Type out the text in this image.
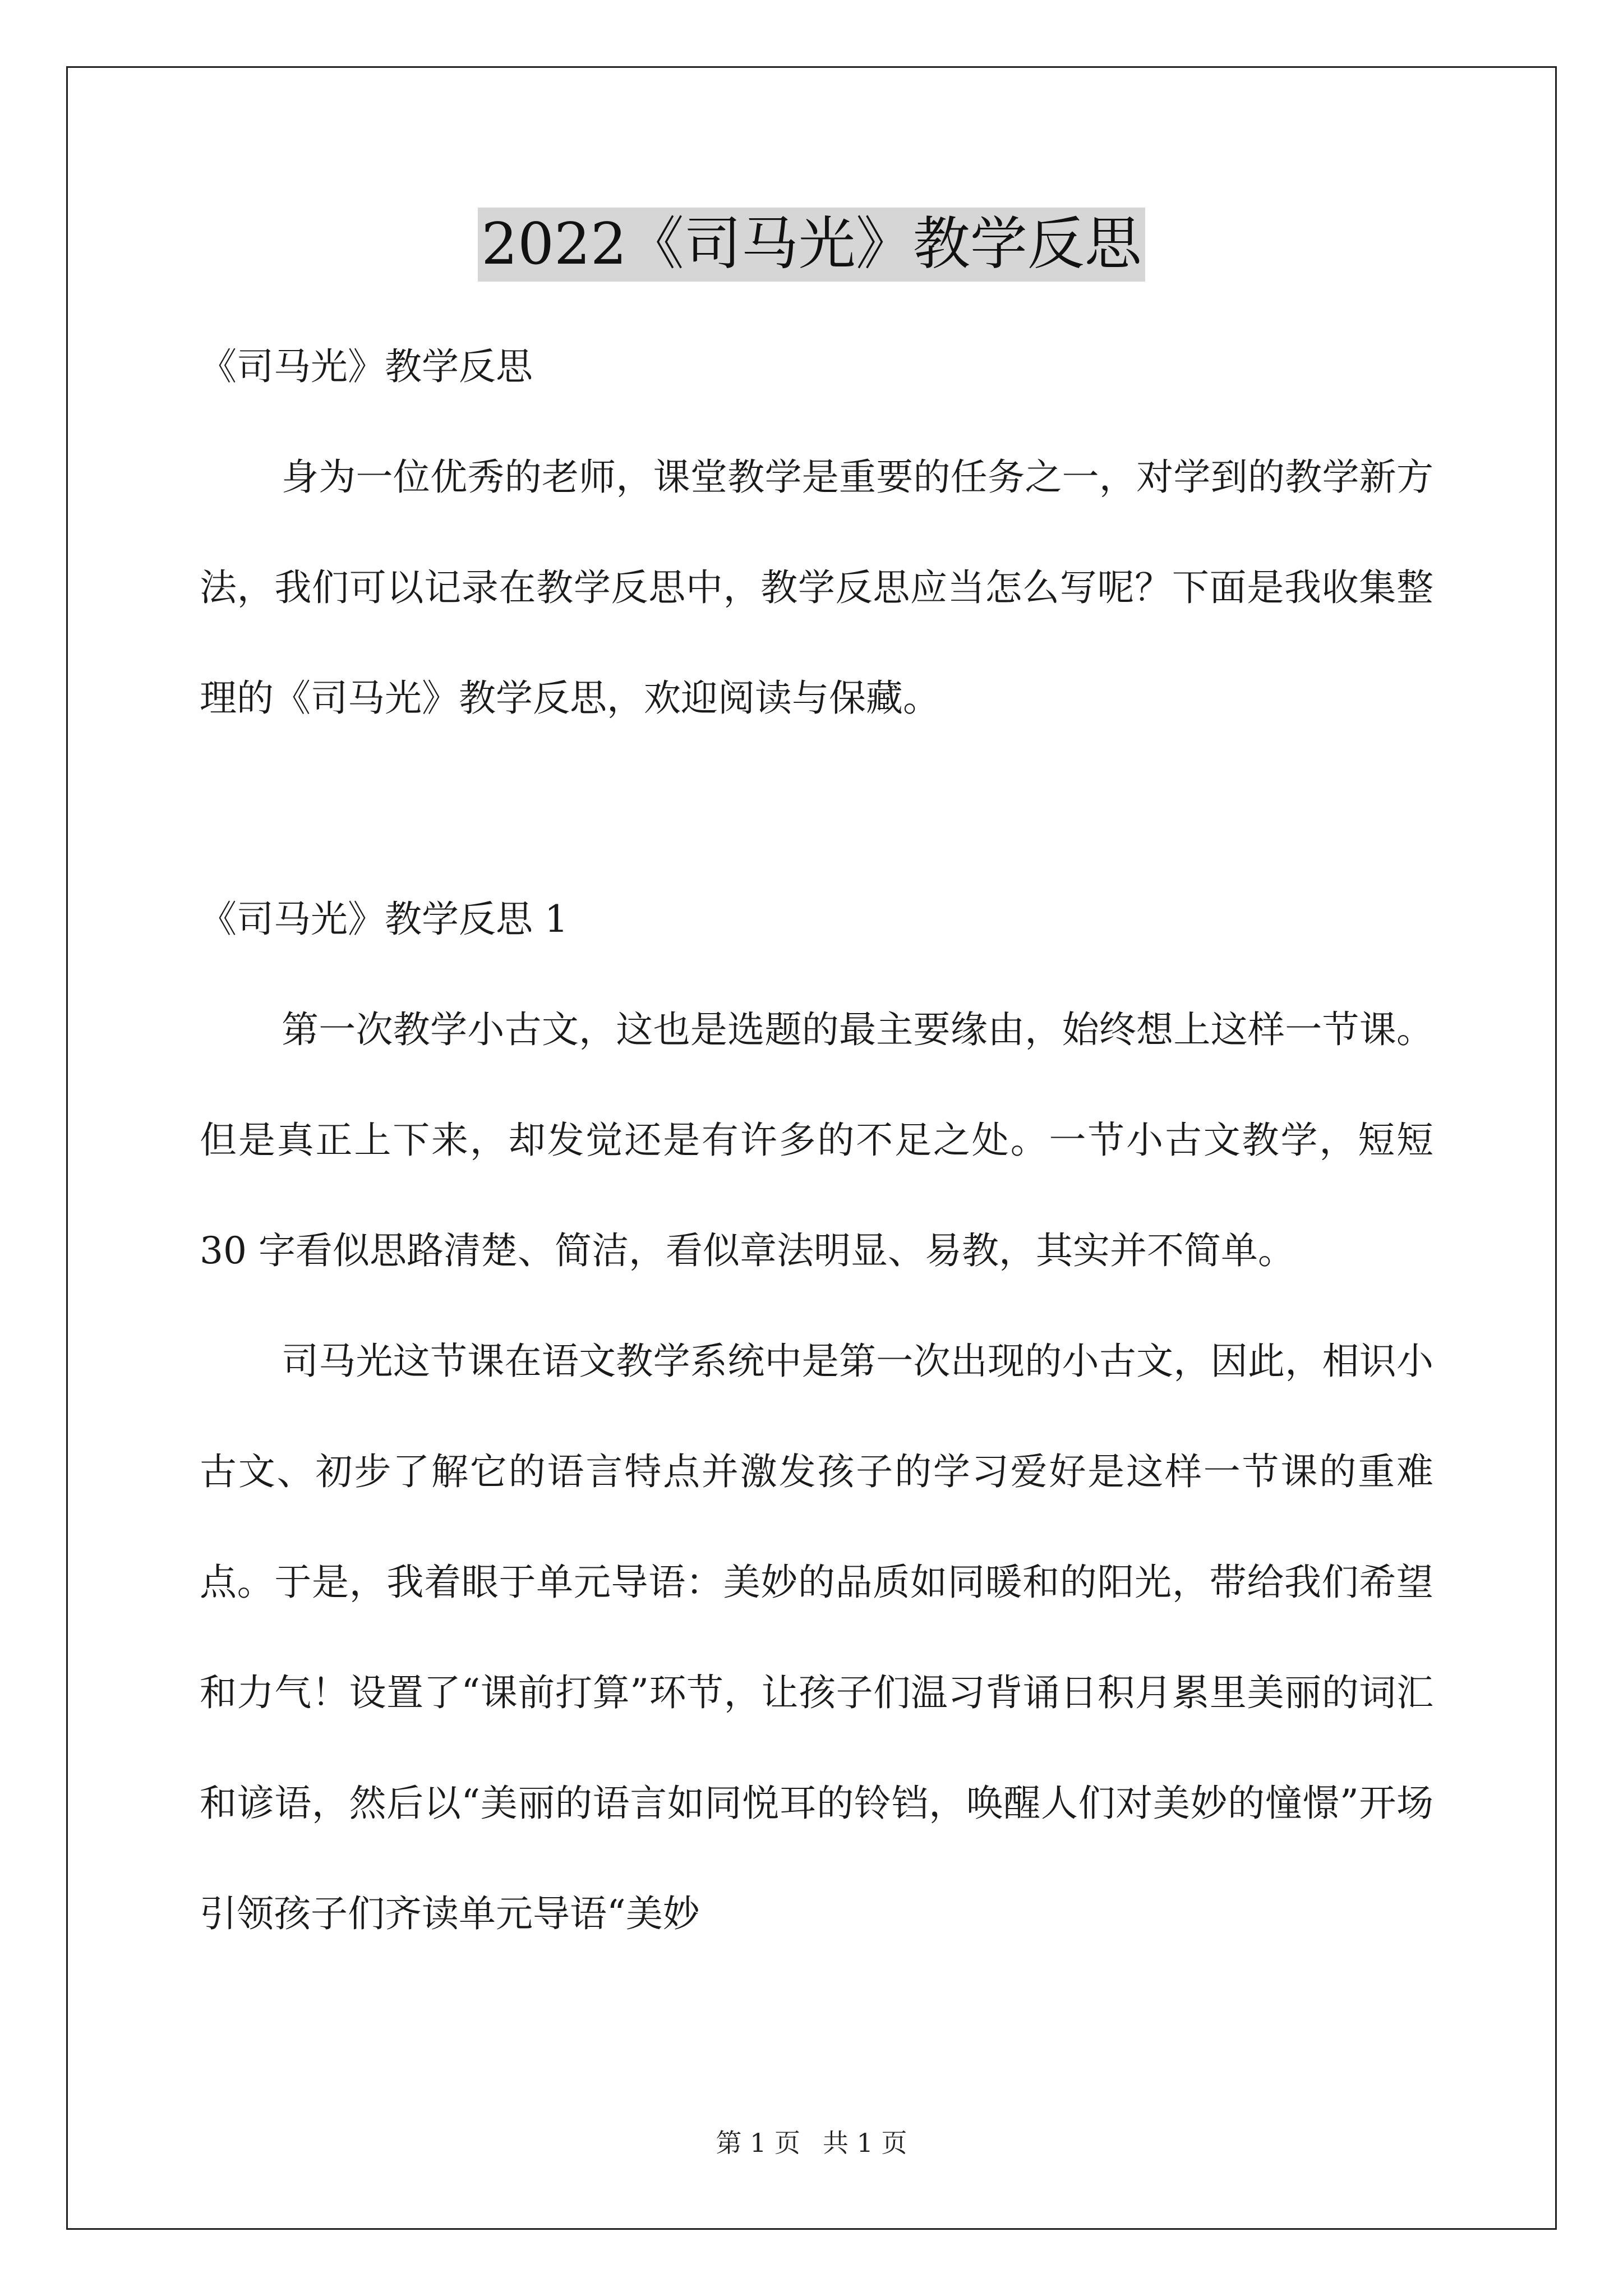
2022《司马光》教学反思

《司马光》教学反思

身为一位优秀的老师，课堂教学是重要的任务之一，对学到的教学新方法，我们可以记录在教学反思中，教学反思应当怎么写呢？下面是我收集整理的《司马光》教学反思，欢迎阅读与保藏。

《司马光》教学反思 1

第一次教学小古文，这也是选题的最主要缘由，始终想上这样一节课。但是真正上下来，却发觉还是有许多的不足之处。一节小古文教学，短短 30 字看似思路清楚、简洁，看似章法明显、易教，其实并不简单。

司马光这节课在语文教学系统中是第一次出现的小古文，因此，相识小古文、初步了解它的语言特点并激发孩子的学习爱好是这样一节课的重难点。于是，我着眼于单元导语：美妙的品质如同暖和的阳光，带给我们希望和力气！设置了“课前打算”环节，让孩子们温习背诵日积月累里美丽的词汇和谚语，然后以“美丽的语言如同悦耳的铃铛，唤醒人们对美妙的憧憬”开场引领孩子们齐读单元导语“美妙

第 1 页 共 1 页
